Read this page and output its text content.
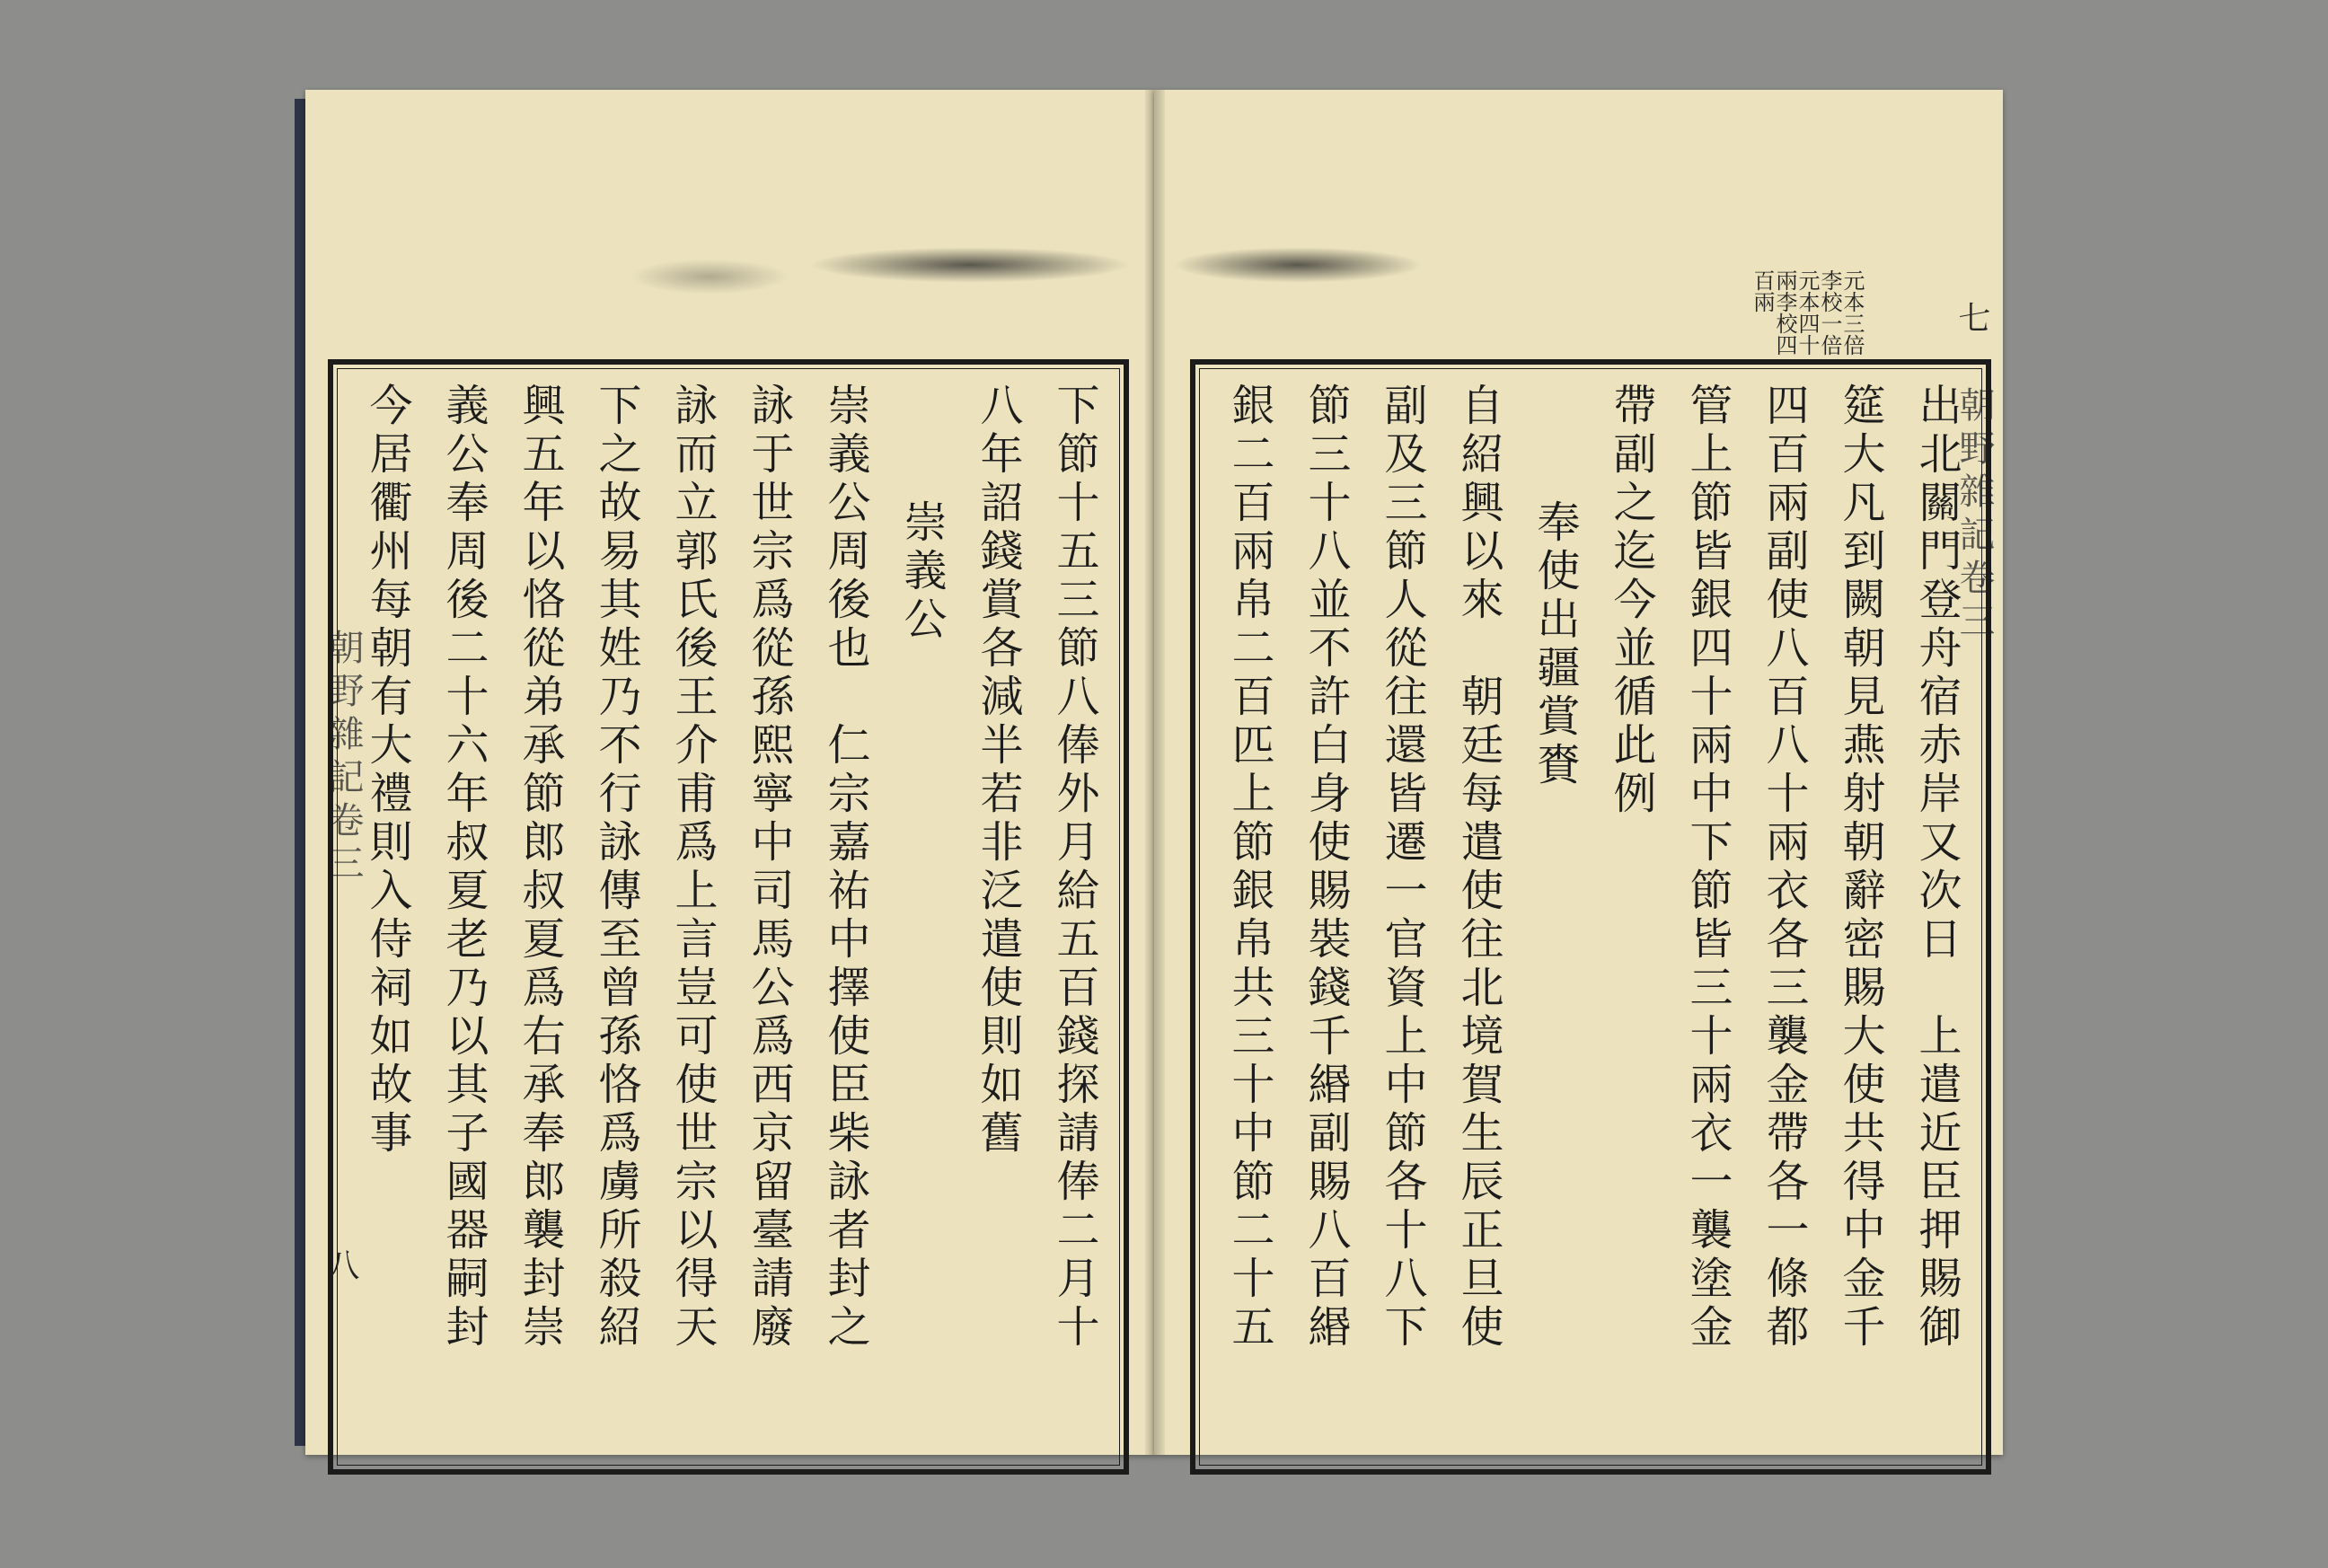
朝野雜記卷三
八	下節十五三節八俸外月給五百錢探請俸二月十
八年詔錢賞各減半若非泛遣使則如舊
崇義公
崇義公周後也　仁宗嘉祐中擇使臣柴詠者封之
詠于世宗爲從孫熙寧中司馬公爲西京留臺請廢
詠而立郭氏後王介甫爲上言豈可使世宗以得天
下之故易其姓乃不行詠傳至曾孫恪爲虜所殺紹
興五年以恪從弟承節郎叔夏爲右承奉郎襲封崇
義公奉周後二十六年叔夏老乃以其子國器嗣封
今居衢州每朝有大禮則入侍祠如故事	朝野雜記卷三
七
元本三倍
李校一倍
元本四十
兩李校四
百兩
出北關門登舟宿赤岸又次日　上遣近臣押賜御
筵大凡到闕朝見燕射朝辭密賜大使共得中金千
四百兩副使八百八十兩衣各三襲金帶各一條都
管上節皆銀四十兩中下節皆三十兩衣一襲塗金
帶副之迄今並循此例
奉使出疆賞賚
自紹興以來　朝廷每遣使往北境賀生辰正旦使
副及三節人從往還皆遷一官資上中節各十八下
節三十八並不許白身使賜裝錢千緡副賜八百緡
銀二百兩帛二百匹上節銀帛共三十中節二十五
